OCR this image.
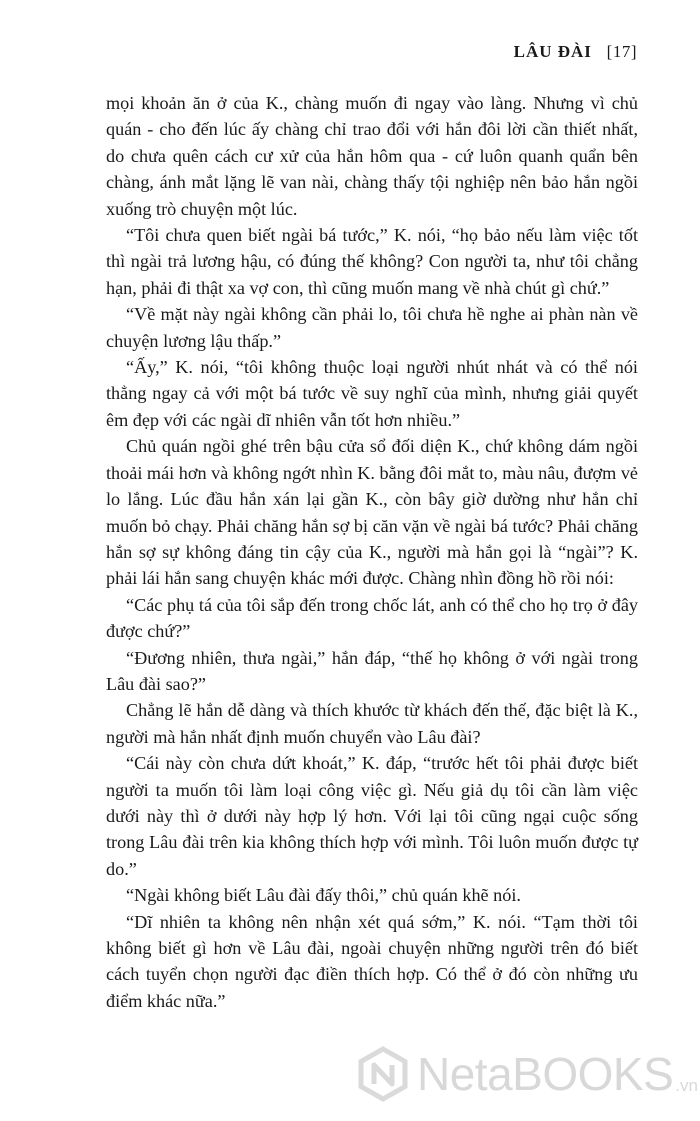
LÂU ĐÀI [17]

mọi khoản ăn ở của K., chàng muốn đi ngay vào làng. Nhưng vì chủ quán - cho đến lúc ấy chàng chỉ trao đổi với hắn đôi lời cần thiết nhất, do chưa quên cách cư xử của hắn hôm qua - cứ luôn quanh quẩn bên chàng, ánh mắt lặng lẽ van nài, chàng thấy tội nghiệp nên bảo hắn ngồi xuống trò chuyện một lúc.

“Tôi chưa quen biết ngài bá tước,” K. nói, “họ bảo nếu làm việc tốt thì ngài trả lương hậu, có đúng thế không? Con người ta, như tôi chẳng hạn, phải đi thật xa vợ con, thì cũng muốn mang về nhà chút gì chứ.”

“Về mặt này ngài không cần phải lo, tôi chưa hề nghe ai phàn nàn về chuyện lương lậu thấp.”

“Ấy,” K. nói, “tôi không thuộc loại người nhút nhát và có thể nói thẳng ngay cả với một bá tước về suy nghĩ của mình, nhưng giải quyết êm đẹp với các ngài dĩ nhiên vẫn tốt hơn nhiều.”

Chủ quán ngồi ghé trên bậu cửa sổ đối diện K., chứ không dám ngồi thoải mái hơn và không ngớt nhìn K. bằng đôi mắt to, màu nâu, đượm vẻ lo lắng. Lúc đầu hắn xán lại gần K., còn bây giờ dường như hắn chỉ muốn bỏ chạy. Phải chăng hắn sợ bị căn vặn về ngài bá tước? Phải chăng hắn sợ sự không đáng tin cậy của K., người mà hắn gọi là “ngài”? K. phải lái hắn sang chuyện khác mới được. Chàng nhìn đồng hồ rồi nói:

“Các phụ tá của tôi sắp đến trong chốc lát, anh có thể cho họ trọ ở đây được chứ?”

“Đương nhiên, thưa ngài,” hắn đáp, “thế họ không ở với ngài trong Lâu đài sao?”

Chẳng lẽ hắn dễ dàng và thích khước từ khách đến thế, đặc biệt là K., người mà hắn nhất định muốn chuyển vào Lâu đài?

“Cái này còn chưa dứt khoát,” K. đáp, “trước hết tôi phải được biết người ta muốn tôi làm loại công việc gì. Nếu giả dụ tôi cần làm việc dưới này thì ở dưới này hợp lý hơn. Với lại tôi cũng ngại cuộc sống trong Lâu đài trên kia không thích hợp với mình. Tôi luôn muốn được tự do.”

“Ngài không biết Lâu đài đấy thôi,” chủ quán khẽ nói.

“Dĩ nhiên ta không nên nhận xét quá sớm,” K. nói. “Tạm thời tôi không biết gì hơn về Lâu đài, ngoài chuyện những người trên đó biết cách tuyển chọn người đạc điền thích hợp. Có thể ở đó còn những ưu điểm khác nữa.”

NetaBOOKS .vn
